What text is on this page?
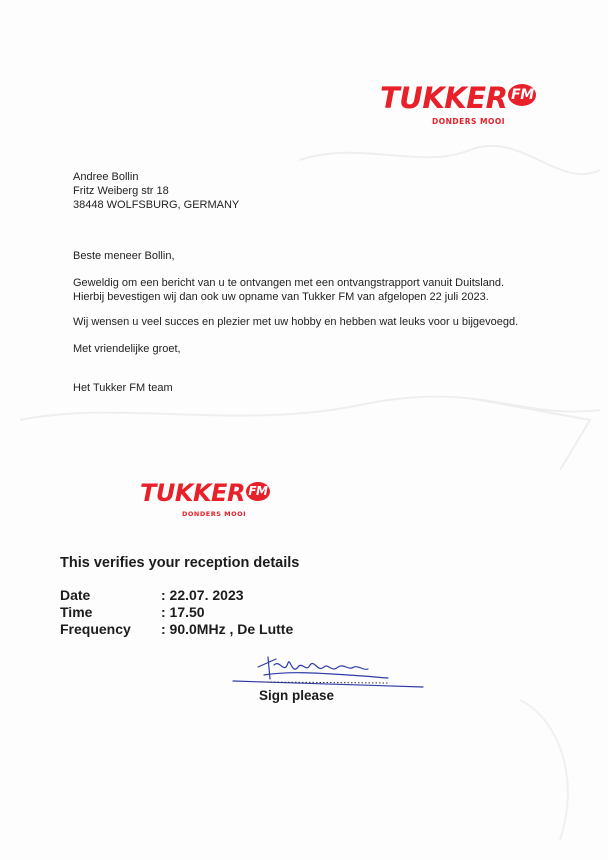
TUKKER FM
DONDERS MOOI
Andree Bollin
Fritz Weiberg str 18
38448 WOLFSBURG, GERMANY
Beste meneer Bollin,
Geweldig om een bericht van u te ontvangen met een ontvangstrapport vanuit Duitsland.
Hierbij bevestigen wij dan ook uw opname van Tukker FM van afgelopen 22 juli 2023.
Wij wensen u veel succes en plezier met uw hobby en hebben wat leuks voor u bijgevoegd.
Met vriendelijke groet,
Het Tukker FM team
TUKKER FM
DONDERS MOOI
This verifies your reception details
Date	: 22.07. 2023
Time	: 17.50
Frequency	: 90.0MHz , De Lutte
Sign please
